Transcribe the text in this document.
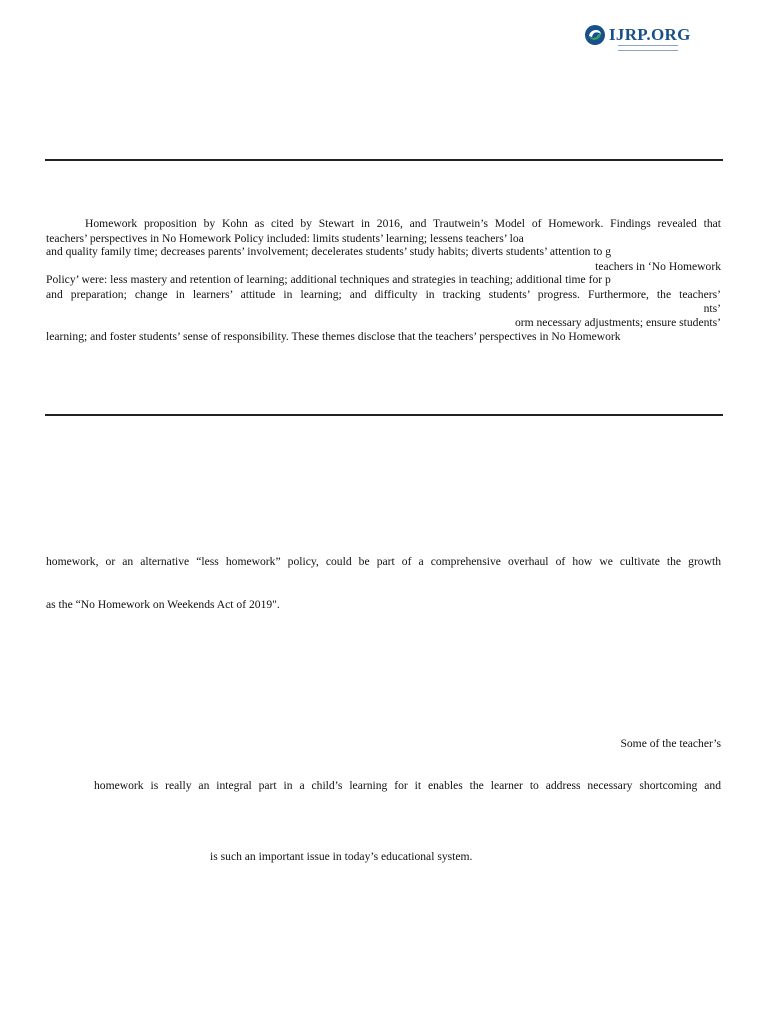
IJRP.ORG
Homework proposition by Kohn as cited by Stewart in 2016, and Trautwein’s Model of Homework. Findings revealed that
teachers’ perspectives in No Homework Policy included: limits students’ learning; lessens teachers’ loa
and quality family time; decreases parents’ involvement; decelerates students’ study habits; diverts students’ attention to g
teachers in ‘No Homework
Policy’ were: less mastery and retention of learning; additional techniques and strategies in teaching; additional time for p
and preparation; change in learners’ attitude in learning; and difficulty in tracking students’ progress. Furthermore, the teachers’
nts’
orm necessary adjustments; ensure students’
learning; and foster students’ sense of responsibility. These themes disclose that the teachers’ perspectives in No Homework
homework, or an alternative “less homework” policy, could be part of a comprehensive overhaul of how we cultivate the growth
as the “No Homework on Weekends Act of 2019".
Some of the teacher’s
homework is really an integral part in a child’s learning for it enables the learner to address necessary shortcoming and
is such an important issue in today’s educational system.
